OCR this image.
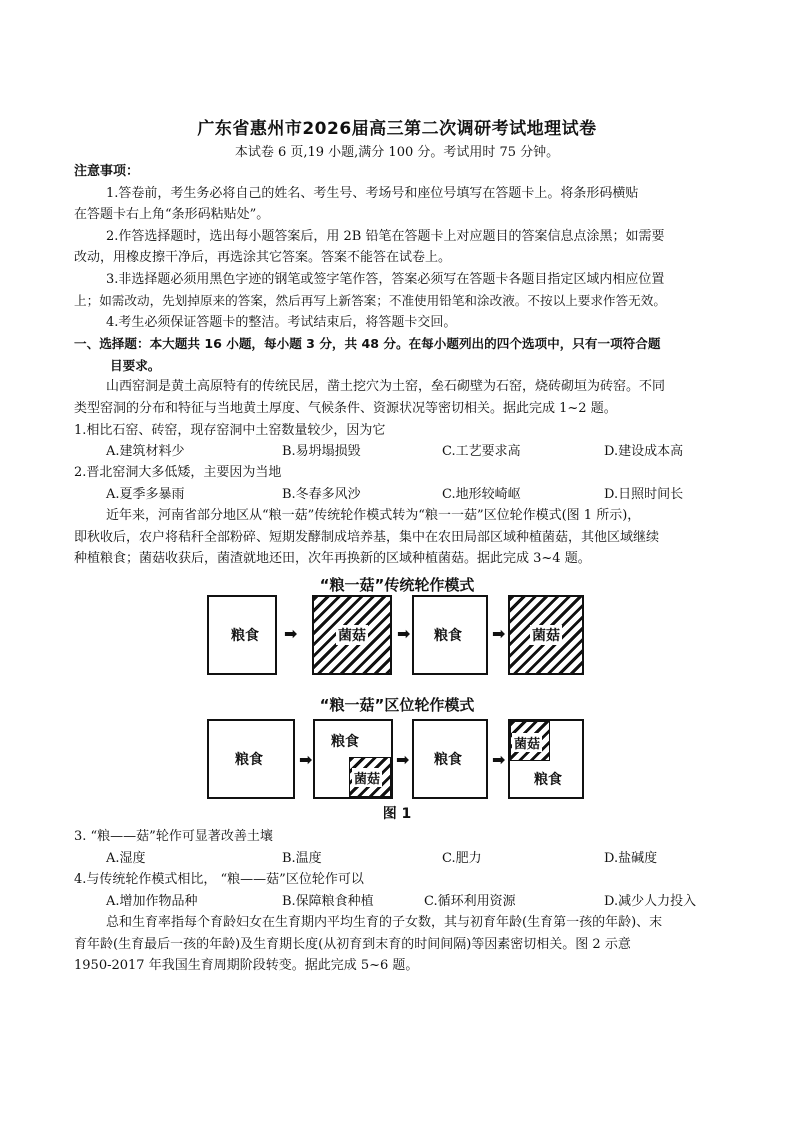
广东省惠州市2026届高三第二次调研考试地理试卷
本试卷 6 页,19 小题,满分 100 分。考试用时 75 分钟。
注意事项：
1.答卷前，考生务必将自己的姓名、考生号、考场号和座位号填写在答题卡上。将条形码横贴
在答题卡右上角“条形码粘贴处”。
2.作答选择题时，选出每小题答案后，用 2B 铅笔在答题卡上对应题目的答案信息点涂黑；如需要
改动，用橡皮擦干净后，再选涂其它答案。答案不能答在试卷上。
3.非选择题必须用黑色字迹的钢笔或签字笔作答，答案必须写在答题卡各题目指定区域内相应位置
上；如需改动，先划掉原来的答案，然后再写上新答案；不准使用铅笔和涂改液。不按以上要求作答无效。
4.考生必须保证答题卡的整洁。考试结束后，将答题卡交回。
一、选择题：本大题共 16 小题，每小题 3 分，共 48 分。在每小题列出的四个选项中，只有一项符合题
目要求。
山西窑洞是黄土高原特有的传统民居，凿土挖穴为土窑，垒石砌壁为石窑，烧砖砌垣为砖窑。不同
类型窑洞的分布和特征与当地黄土厚度、气候条件、资源状况等密切相关。据此完成 1~2 题。
1.相比石窑、砖窑，现存窑洞中土窑数量较少，因为它
A.建筑材料少	B.易坍塌损毁	C.工艺要求高	D.建设成本高
2.晋北窑洞大多低矮，主要因为当地
A.夏季多暴雨	B.冬春多风沙	C.地形较崎岖	D.日照时间长
近年来，河南省部分地区从“粮一菇”传统轮作模式转为“粮一一菇”区位轮作模式(图 1 所示)，
即秋收后，农户将秸秆全部粉碎、短期发酵制成培养基，集中在农田局部区域种植菌菇，其他区域继续
种植粮食；菌菇收获后，菌渣就地还田，次年再换新的区域种植菌菇。据此完成 3~4 题。
“粮一菇”传统轮作模式
粮食 ➡	菌菇 ➡ 粮食 ➡ 菌菇
“粮一菇”区位轮作模式
粮食 ➡
粮食
菌菇
➡ 粮食 ➡
菌菇
粮食
图 1
3. “粮——菇”轮作可显著改善土壤
A.湿度	B.温度	C.肥力	D.盐碱度
4.与传统轮作模式相比， “粮——菇”区位轮作可以
A.增加作物品种	B.保障粮食种植	C.循环利用资源	D.减少人力投入
总和生育率指每个育龄妇女在生育期内平均生育的子女数，其与初育年龄(生育第一孩的年龄)、末
育年龄(生育最后一孩的年龄)及生育期长度(从初育到末育的时间间隔)等因素密切相关。图 2 示意
1950-2017 年我国生育周期阶段转变。据此完成 5~6 题。
